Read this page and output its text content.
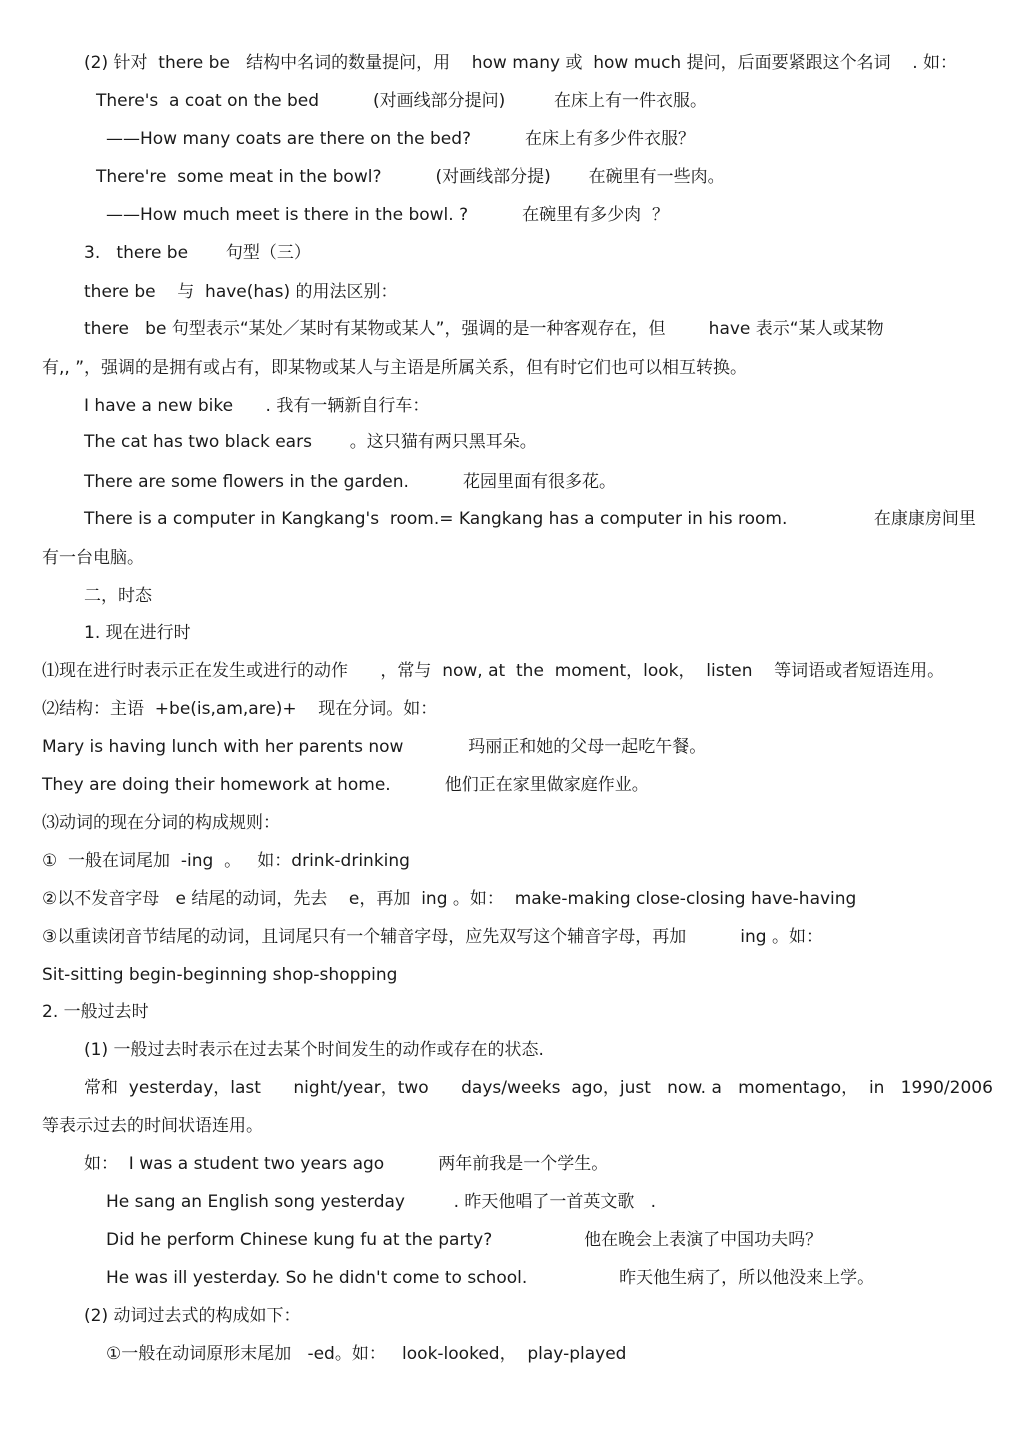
(2) 针对  there be   结构中名词的数量提问，用    how many 或  how much 提问，后面要紧跟这个名词    . 如：
There's  a coat on the bed          (对画线部分提问)         在床上有一件衣服。
——How many coats are there on the bed?          在床上有多少件衣服？
There're  some meat in the bowl?          (对画线部分提)       在碗里有一些肉。
——How much meet is there in the bowl. ?          在碗里有多少肉  ？
3.   there be       句型（三）
there be    与  have(has) 的用法区别：
there   be 句型表示“某处／某时有某物或某人”，强调的是一种客观存在，但        have 表示“某人或某物
有,, ”，强调的是拥有或占有，即某物或某人与主语是所属关系，但有时它们也可以相互转换。
I have a new bike      . 我有一辆新自行车：
The cat has two black ears       。这只猫有两只黑耳朵。
There are some flowers in the garden.          花园里面有很多花。
There is a computer in Kangkang's  room.= Kangkang has a computer in his room.                在康康房间里
有一台电脑。
二，时态
1. 现在进行时
⑴现在进行时表示正在发生或进行的动作      ，常与  now, at  the  moment，look，  listen    等词语或者短语连用。
⑵结构：主语  +be(is,am,are)+    现在分词。如：
Mary is having lunch with her parents now            玛丽正和她的父母一起吃午餐。
They are doing their homework at home.          他们正在家里做家庭作业。
⑶动词的现在分词的构成规则：
①  一般在词尾加  -ing  。   如：drink-drinking
②以不发音字母   e 结尾的动词，先去    e，再加  ing 。如：  make-making close-closing have-having
③以重读闭音节结尾的动词，且词尾只有一个辅音字母，应先双写这个辅音字母，再加          ing 。如：
Sit-sitting begin-beginning shop-shopping
2. 一般过去时
(1) 一般过去时表示在过去某个时间发生的动作或存在的状态.
常和  yesterday，last      night/year，two      days/weeks  ago，just   now. a   momentago，  in   1990/2006
等表示过去的时间状语连用。
如：  I was a student two years ago          两年前我是一个学生。
He sang an English song yesterday         . 昨天他唱了一首英文歌   .
Did he perform Chinese kung fu at the party?                 他在晚会上表演了中国功夫吗？
He was ill yesterday. So he didn't come to school.                 昨天他生病了，所以他没来上学。
(2) 动词过去式的构成如下：
①一般在动词原形末尾加   -ed。如：   look-looked，  play-played
